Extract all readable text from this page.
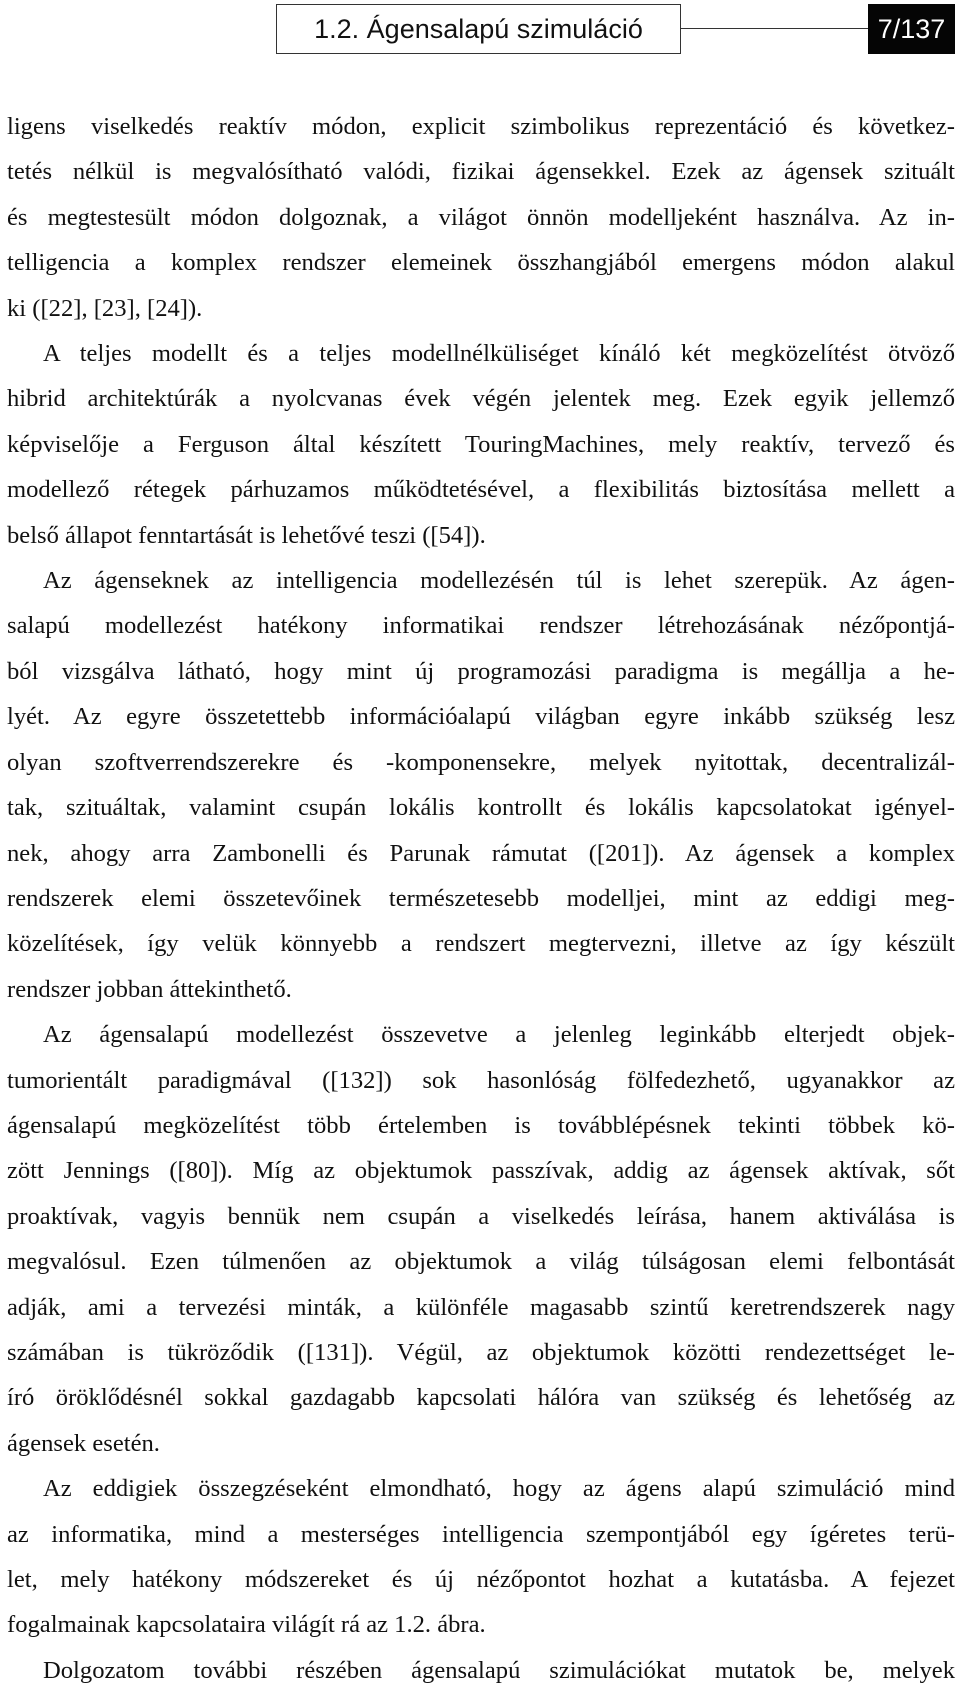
1.2. Ágensalapú szimuláció	7/137

ligens viselkedés reaktív módon, explicit szimbolikus reprezentáció és következ-

tetés nélkül is megvalósítható valódi, fizikai ágensekkel. Ezek az ágensek szituált

és megtestesült módon dolgoznak, a világot önnön modelljeként használva. Az in-

telligencia a komplex rendszer elemeinek összhangjából emergens módon alakul

ki ([22], [23], [24]).

A teljes modellt és a teljes modellnélküliséget kínáló két megközelítést ötvöző

hibrid architektúrák a nyolcvanas évek végén jelentek meg. Ezek egyik jellemző

képviselője a Ferguson által készített TouringMachines, mely reaktív, tervező és

modellező rétegek párhuzamos működtetésével, a flexibilitás biztosítása mellett a

belső állapot fenntartását is lehetővé teszi ([54]).

Az ágenseknek az intelligencia modellezésén túl is lehet szerepük. Az ágen-

salapú modellezést hatékony informatikai rendszer létrehozásának nézőpontjá-

ból vizsgálva látható, hogy mint új programozási paradigma is megállja a he-

lyét. Az egyre összetettebb információalapú világban egyre inkább szükség lesz

olyan szoftverrendszerekre és -komponensekre, melyek nyitottak, decentralizál-

tak, szituáltak, valamint csupán lokális kontrollt és lokális kapcsolatokat igényel-

nek, ahogy arra Zambonelli és Parunak rámutat ([201]). Az ágensek a komplex

rendszerek elemi összetevőinek természetesebb modelljei, mint az eddigi meg-

közelítések, így velük könnyebb a rendszert megtervezni, illetve az így készült

rendszer jobban áttekinthető.

Az ágensalapú modellezést összevetve a jelenleg leginkább elterjedt objek-

tumorientált paradigmával ([132]) sok hasonlóság fölfedezhető, ugyanakkor az

ágensalapú megközelítést több értelemben is továbblépésnek tekinti többek kö-

zött Jennings ([80]). Míg az objektumok passzívak, addig az ágensek aktívak, sőt

proaktívak, vagyis bennük nem csupán a viselkedés leírása, hanem aktiválása is

megvalósul. Ezen túlmenően az objektumok a világ túlságosan elemi felbontását

adják, ami a tervezési minták, a különféle magasabb szintű keretrendszerek nagy

számában is tükröződik ([131]). Végül, az objektumok közötti rendezettséget le-

író öröklődésnél sokkal gazdagabb kapcsolati hálóra van szükség és lehetőség az

ágensek esetén.

Az eddigiek összegzéseként elmondható, hogy az ágens alapú szimuláció mind

az informatika, mind a mesterséges intelligencia szempontjából egy ígéretes terü-

let, mely hatékony módszereket és új nézőpontot hozhat a kutatásba. A fejezet

fogalmainak kapcsolataira világít rá az 1.2. ábra.

Dolgozatom további részében ágensalapú szimulációkat mutatok be, melyek
